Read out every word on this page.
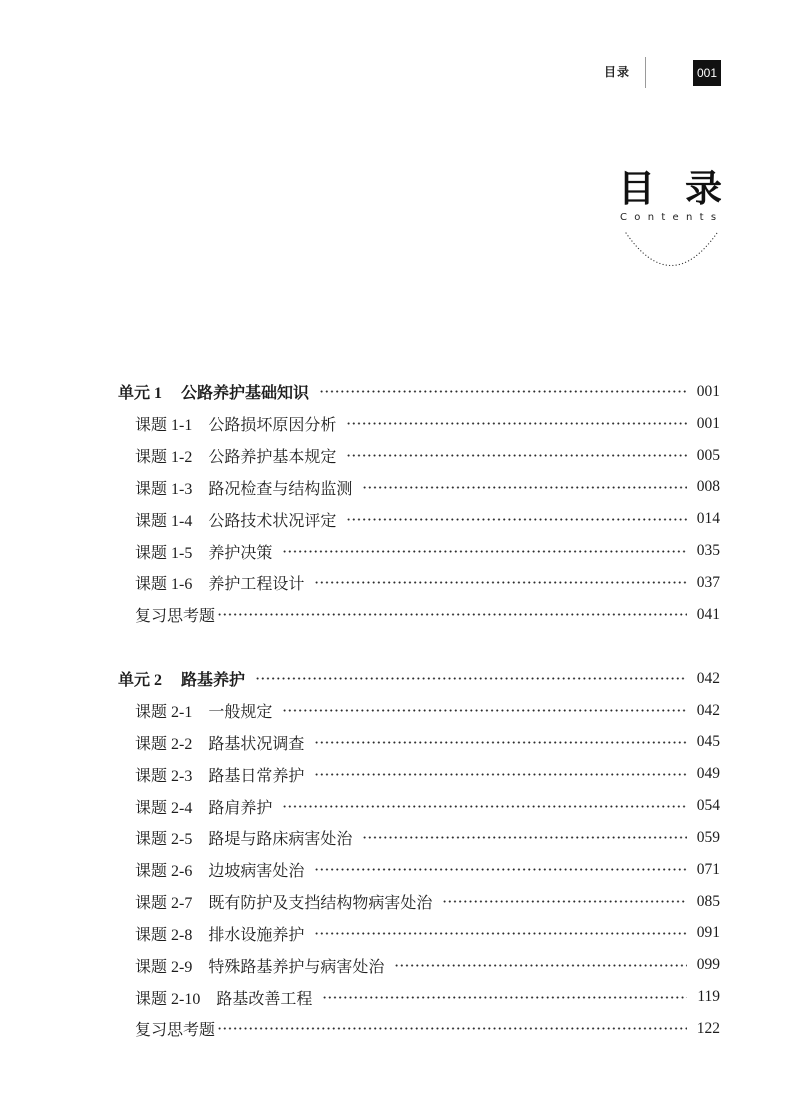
目录	001
目录
Contents
单元 1 公路养护基础知识	001
课题 1-1 公路损坏原因分析	001
课题 1-2 公路养护基本规定	005
课题 1-3 路况检查与结构监测	008
课题 1-4 公路技术状况评定	014
课题 1-5 养护决策	035
课题 1-6 养护工程设计	037
复习思考题	041
单元 2 路基养护	042
课题 2-1 一般规定	042
课题 2-2 路基状况调查	045
课题 2-3 路基日常养护	049
课题 2-4 路肩养护	054
课题 2-5 路堤与路床病害处治	059
课题 2-6 边坡病害处治	071
课题 2-7 既有防护及支挡结构物病害处治	085
课题 2-8 排水设施养护	091
课题 2-9 特殊路基养护与病害处治	099
课题 2-10 路基改善工程	119
复习思考题	122
